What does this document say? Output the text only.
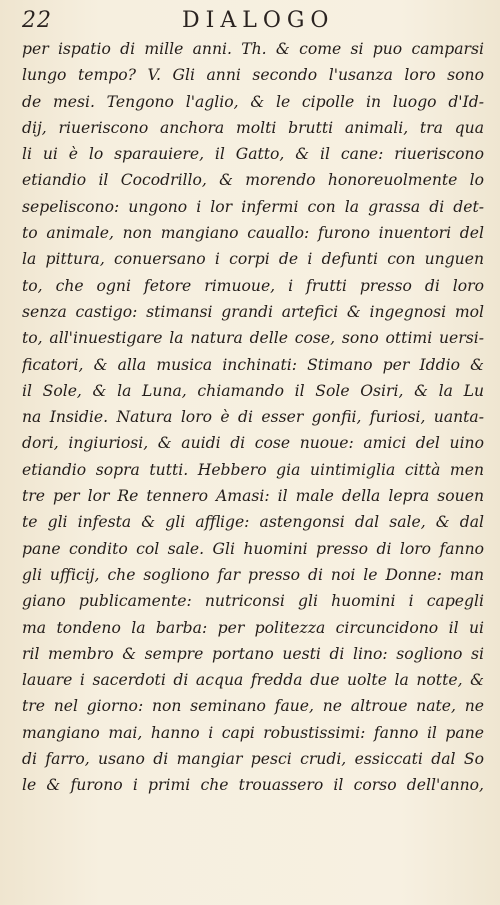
22	DIALOGO
per ispatio di mille anni. Th. & come si puo camparsi
lungo tempo? V. Gli anni secondo l'usanza loro sono
de mesi. Tengono l'aglio, & le cipolle in luogo d'Id-
dij, riueriscono anchora molti brutti animali, tra qua
li ui è lo sparauiere, il Gatto, & il cane: riueriscono
etiandio il Cocodrillo, & morendo honoreuolmente lo
sepeliscono: ungono i lor infermi con la grassa di det-
to animale, non mangiano cauallo: furono inuentori del
la pittura, conuersano i corpi de i defunti con unguen
to, che ogni fetore rimuoue, i frutti presso di loro
senza castigo: stimansi grandi artefici & ingegnosi mol
to, all'inuestigare la natura delle cose, sono ottimi uersi-
ficatori, & alla musica inchinati: Stimano per Iddio &
il Sole, & la Luna, chiamando il Sole Osiri, & la Lu
na Insidie. Natura loro è di esser gonfii, furiosi, uanta-
dori, ingiuriosi, & auidi di cose nuoue: amici del uino
etiandio sopra tutti. Hebbero gia uintimiglia città men
tre per lor Re tennero Amasi: il male della lepra souen
te gli infesta & gli afflige: astengonsi dal sale, & dal
pane condito col sale. Gli huomini presso di loro fanno
gli ufficij, che sogliono far presso di noi le Donne: man
giano publicamente: nutriconsi gli huomini i capegli
ma tondeno la barba: per politezza circuncidono il ui
ril membro & sempre portano uesti di lino: sogliono si
lauare i sacerdoti di acqua fredda due uolte la notte, &
tre nel giorno: non seminano faue, ne altroue nate, ne
mangiano mai, hanno i capi robustissimi: fanno il pane
di farro, usano di mangiar pesci crudi, essiccati dal So
le & furono i primi che trouassero il corso dell'anno,
